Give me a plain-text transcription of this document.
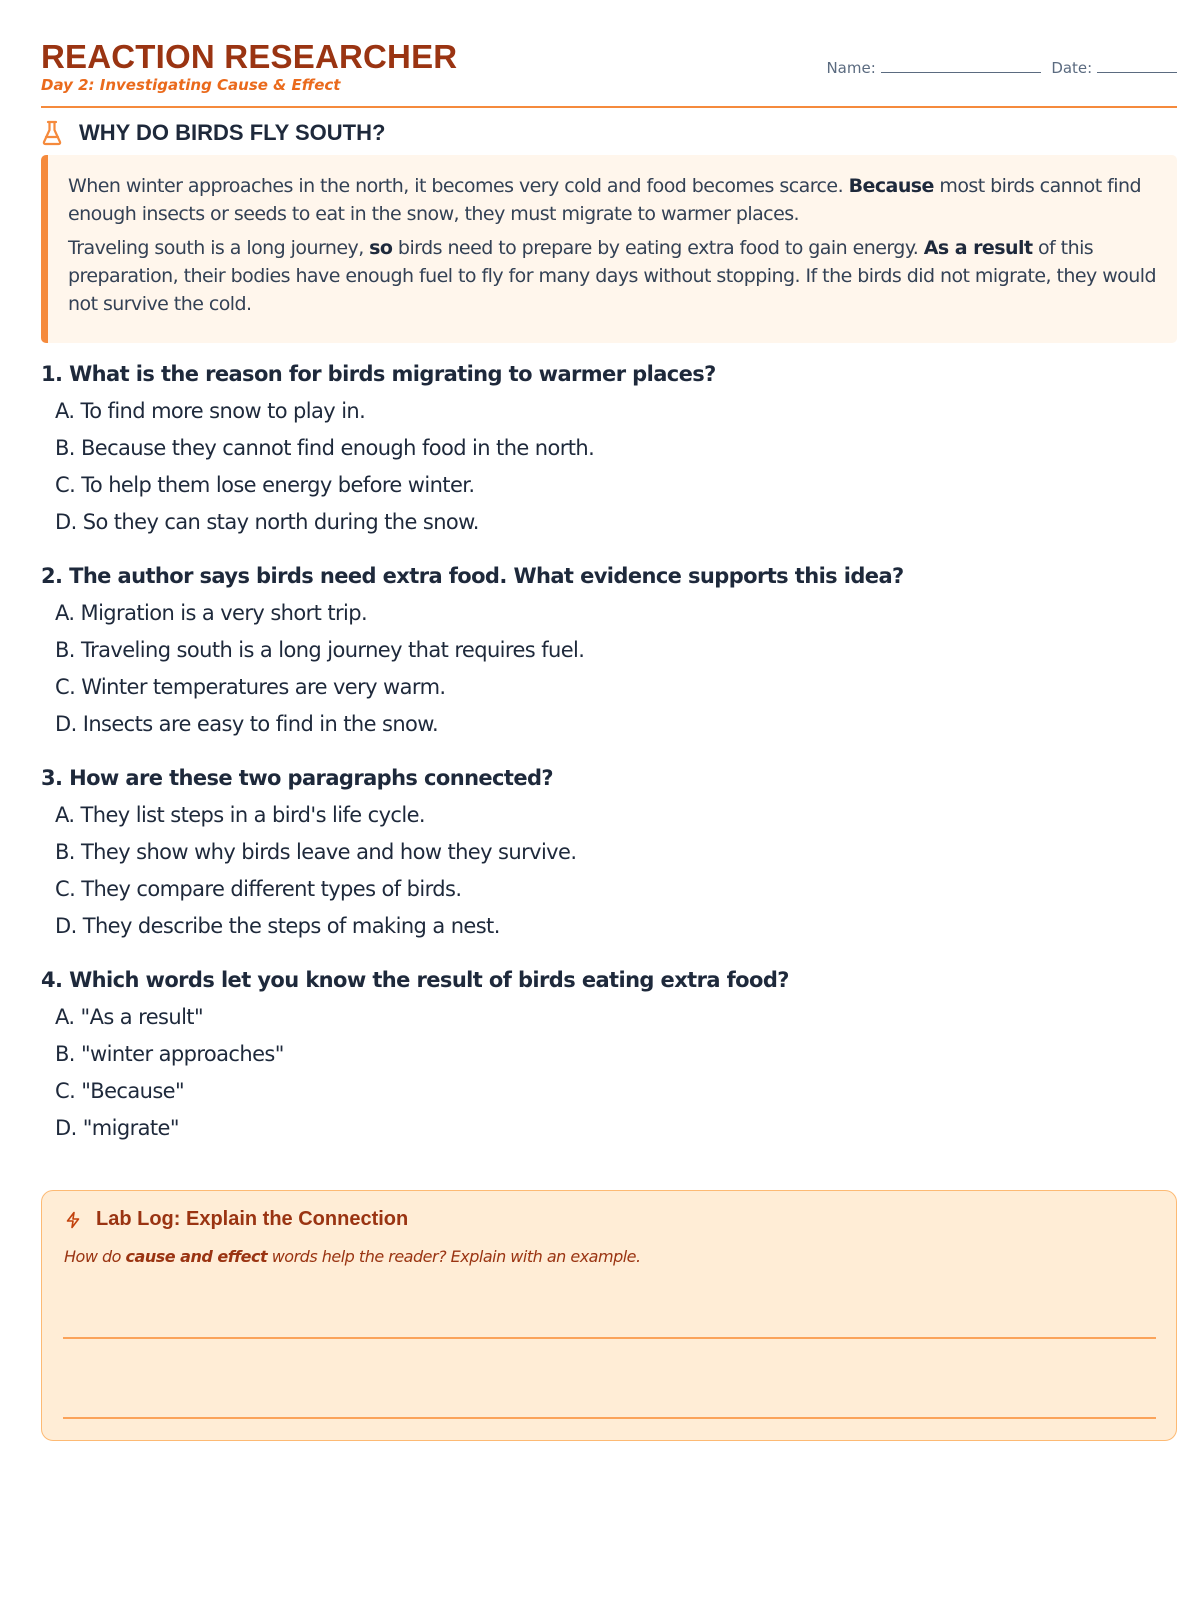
REACTION RESEARCHER
Day 2: Investigating Cause & Effect
Name:	Date:
WHY DO BIRDS FLY SOUTH?

When winter approaches in the north, it becomes very cold and food becomes scarce. Because most birds cannot find enough insects or seeds to eat in the snow, they must migrate to warmer places.

Traveling south is a long journey, so birds need to prepare by eating extra food to gain energy. As a result of this preparation, their bodies have enough fuel to fly for many days without stopping. If the birds did not migrate, they would not survive the cold.

1. What is the reason for birds migrating to warmer places?
A. To find more snow to play in.
B. Because they cannot find enough food in the north.
C. To help them lose energy before winter.
D. So they can stay north during the snow.
2. The author says birds need extra food. What evidence supports this idea?
A. Migration is a very short trip.
B. Traveling south is a long journey that requires fuel.
C. Winter temperatures are very warm.
D. Insects are easy to find in the snow.
3. How are these two paragraphs connected?
A. They list steps in a bird's life cycle.
B. They show why birds leave and how they survive.
C. They compare different types of birds.
D. They describe the steps of making a nest.
4. Which words let you know the result of birds eating extra food?
A. "As a result"
B. "winter approaches"
C. "Because"
D. "migrate"
Lab Log: Explain the Connection
How do cause and effect words help the reader? Explain with an example.
